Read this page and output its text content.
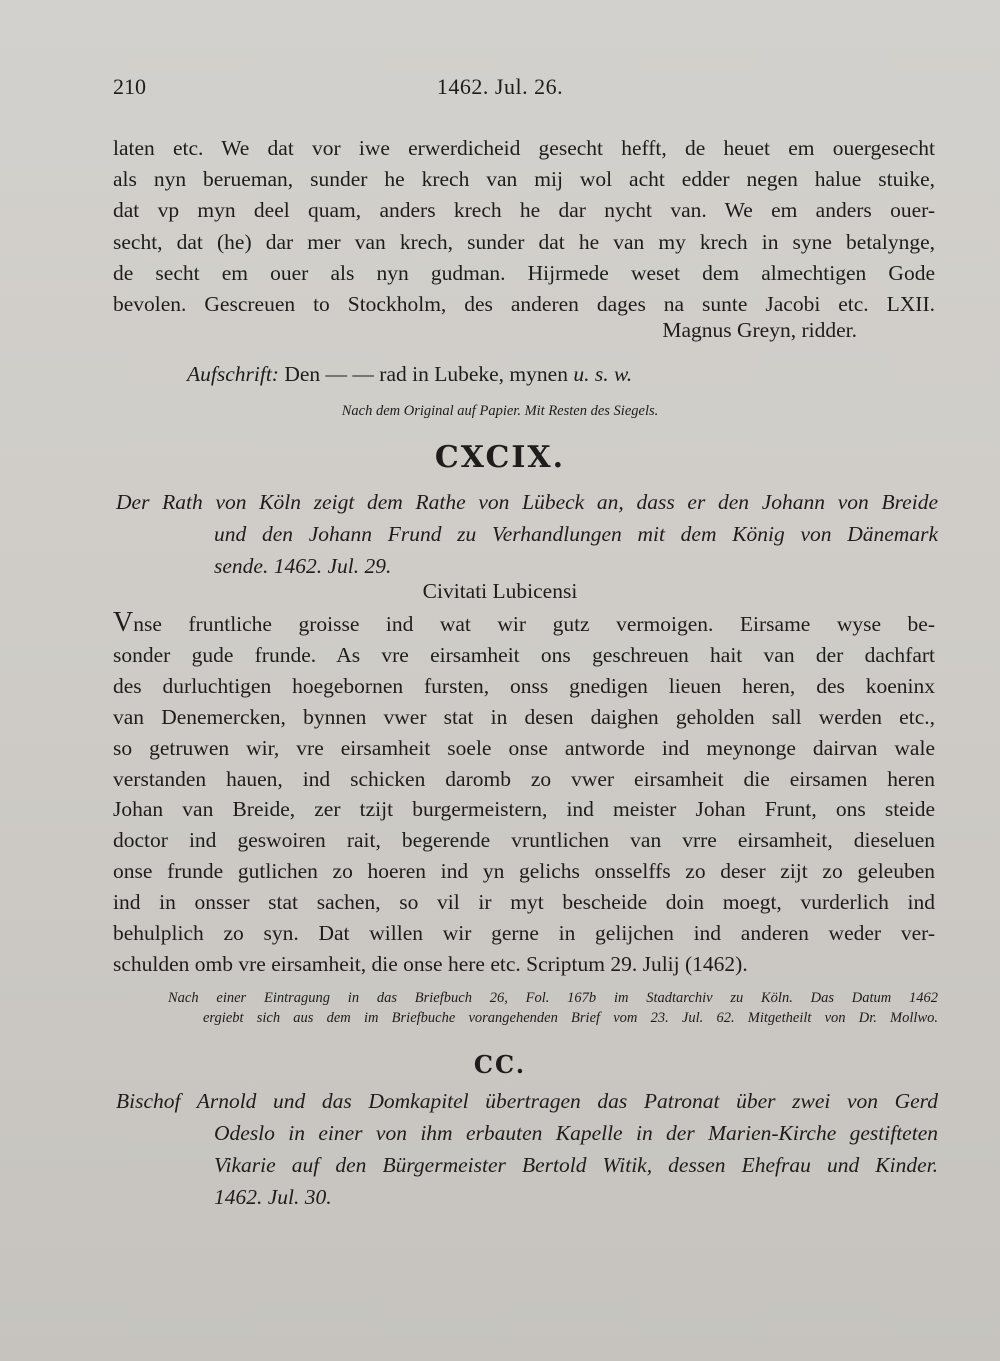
210	1462. Jul. 26.
laten etc. We dat vor iwe erwerdicheid gesecht hefft, de heuet em ouergesecht
als nyn berueman, sunder he krech van mij wol acht edder negen halue stuike,
dat vp myn deel quam, anders krech he dar nycht van. We em anders ouer-
secht, dat (he) dar mer van krech, sunder dat he van my krech in syne betalynge,
de secht em ouer als nyn gudman. Hijrmede weset dem almechtigen Gode
bevolen. Gescreuen to Stockholm, des anderen dages na sunte Jacobi etc. LXII.
Magnus Greyn, ridder.
Aufschrift: Den — — rad in Lubeke, mynen u. s. w.
Nach dem Original auf Papier. Mit Resten des Siegels.
CXCIX.
Der Rath von Köln zeigt dem Rathe von Lübeck an, dass er den Johann von Breide
und den Johann Frund zu Verhandlungen mit dem König von Dänemark
sende. 1462. Jul. 29.
Civitati Lubicensi
Vnse fruntliche groisse ind wat wir gutz vermoigen. Eirsame wyse be-
sonder gude frunde. As vre eirsamheit ons geschreuen hait van der dachfart
des durluchtigen hoegebornen fursten, onss gnedigen lieuen heren, des koeninx
van Denemercken, bynnen vwer stat in desen daighen geholden sall werden etc.,
so getruwen wir, vre eirsamheit soele onse antworde ind meynonge dairvan wale
verstanden hauen, ind schicken daromb zo vwer eirsamheit die eirsamen heren
Johan van Breide, zer tzijt burgermeistern, ind meister Johan Frunt, ons steide
doctor ind geswoiren rait, begerende vruntlichen van vrre eirsamheit, dieseluen
onse frunde gutlichen zo hoeren ind yn gelichs onsselffs zo deser zijt zo geleuben
ind in onsser stat sachen, so vil ir myt bescheide doin moegt, vurderlich ind
behulplich zo syn. Dat willen wir gerne in gelijchen ind anderen weder ver-
schulden omb vre eirsamheit, die onse here etc. Scriptum 29. Julij (1462).
Nach einer Eintragung in das Briefbuch 26, Fol. 167b im Stadtarchiv zu Köln. Das Datum 1462
ergiebt sich aus dem im Briefbuche vorangehenden Brief vom 23. Jul. 62. Mitgetheilt von Dr. Mollwo.
CC.
Bischof Arnold und das Domkapitel übertragen das Patronat über zwei von Gerd
Odeslo in einer von ihm erbauten Kapelle in der Marien-Kirche gestifteten
Vikarie auf den Bürgermeister Bertold Witik, dessen Ehefrau und Kinder.
1462. Jul. 30.
